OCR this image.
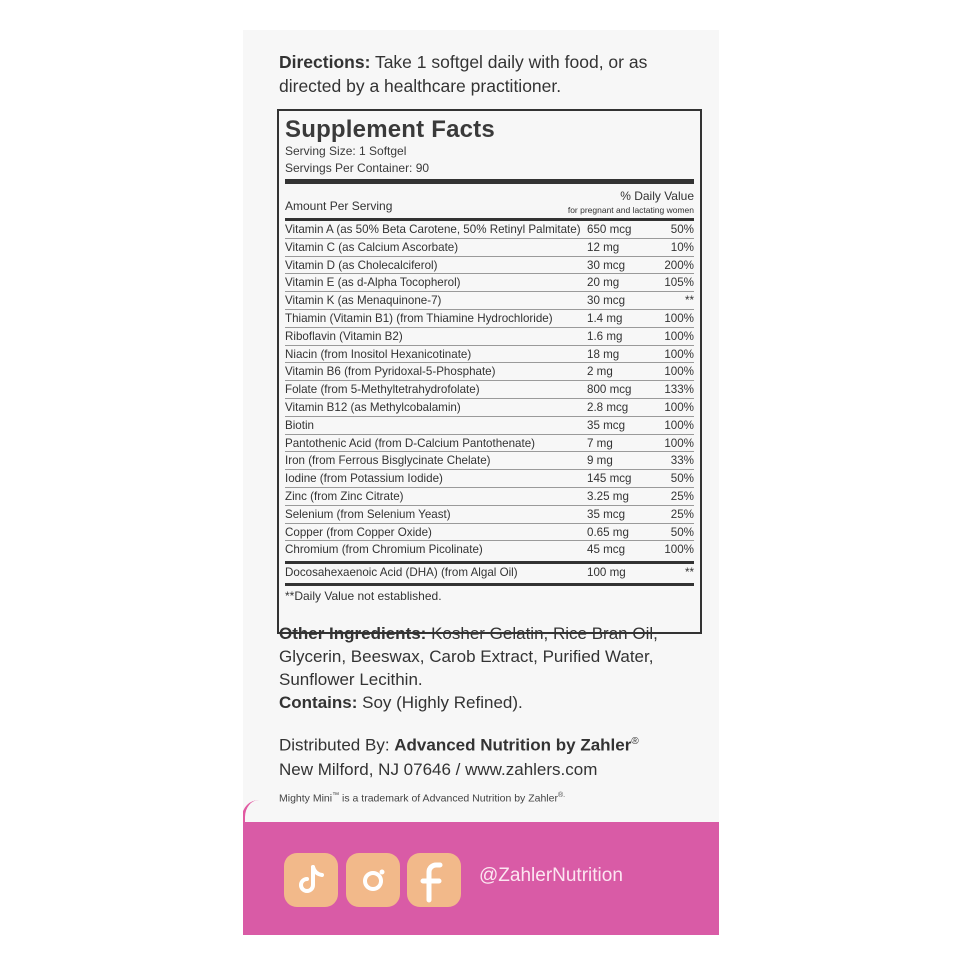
Directions: Take 1 softgel daily with food, or as directed by a healthcare practitioner.
Supplement Facts
Serving Size: 1 Softgel
Servings Per Container: 90
Amount Per Serving
% Daily Value
for pregnant and lactating women
Vitamin A (as 50% Beta Carotene, 50% Retinyl Palmitate) 650 mcg	50%
Vitamin C (as Calcium Ascorbate)	12 mg	10%
Vitamin D (as Cholecalciferol)	30 mcg	200%
Vitamin E (as d-Alpha Tocopherol)	20 mg	105%
Vitamin K (as Menaquinone-7)	30 mcg	**
Thiamin (Vitamin B1) (from Thiamine Hydrochloride)	1.4 mg	100%
Riboflavin (Vitamin B2)	1.6 mg	100%
Niacin (from Inositol Hexanicotinate)	18 mg	100%
Vitamin B6 (from Pyridoxal-5-Phosphate)	2 mg	100%
Folate (from 5-Methyltetrahydrofolate)	800 mcg	133%
Vitamin B12 (as Methylcobalamin)	2.8 mcg	100%
Biotin	35 mcg	100%
Pantothenic Acid (from D-Calcium Pantothenate)	7 mg	100%
Iron (from Ferrous Bisglycinate Chelate)	9 mg	33%
Iodine (from Potassium Iodide)	145 mcg	50%
Zinc (from Zinc Citrate)	3.25 mg	25%
Selenium (from Selenium Yeast)	35 mcg	25%
Copper (from Copper Oxide)	0.65 mg	50%
Chromium (from Chromium Picolinate)	45 mcg	100%
Docosahexaenoic Acid (DHA) (from Algal Oil)	100 mg	**
**Daily Value not established.
Other Ingredients: Kosher Gelatin, Rice Bran Oil, Glycerin, Beeswax, Carob Extract, Purified Water, Sunflower Lecithin.
Contains: Soy (Highly Refined).
Distributed By: Advanced Nutrition by Zahler®
New Milford, NJ 07646 / www.zahlers.com
Mighty Mini™ is a trademark of Advanced Nutrition by Zahler®.
@ZahlerNutrition
